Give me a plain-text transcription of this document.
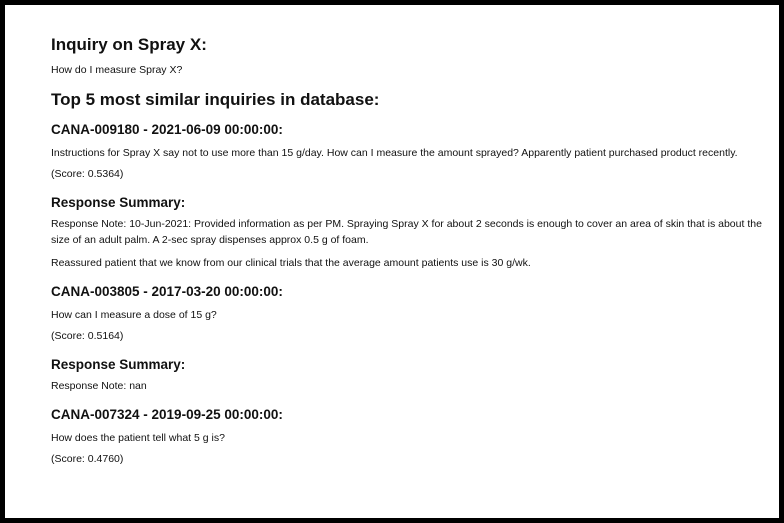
Inquiry on Spray X:

How do I measure Spray X?

Top 5 most similar inquiries in database:
CANA-009180 - 2021-06-09 00:00:00:

Instructions for Spray X say not to use more than 15 g/day. How can I measure the amount sprayed? Apparently patient purchased product recently.

(Score: 0.5364)

Response Summary:

Response Note: 10-Jun-2021: Provided information as per PM. Spraying Spray X for about 2 seconds is enough to cover an area of skin that is about the size of an adult palm. A 2-sec spray dispenses approx 0.5 g of foam.

Reassured patient that we know from our clinical trials that the average amount patients use is 30 g/wk.

CANA-003805 - 2017-03-20 00:00:00:

How can I measure a dose of 15 g?

(Score: 0.5164)

Response Summary:

Response Note: nan

CANA-007324 - 2019-09-25 00:00:00:

How does the patient tell what 5 g is?

(Score: 0.4760)
